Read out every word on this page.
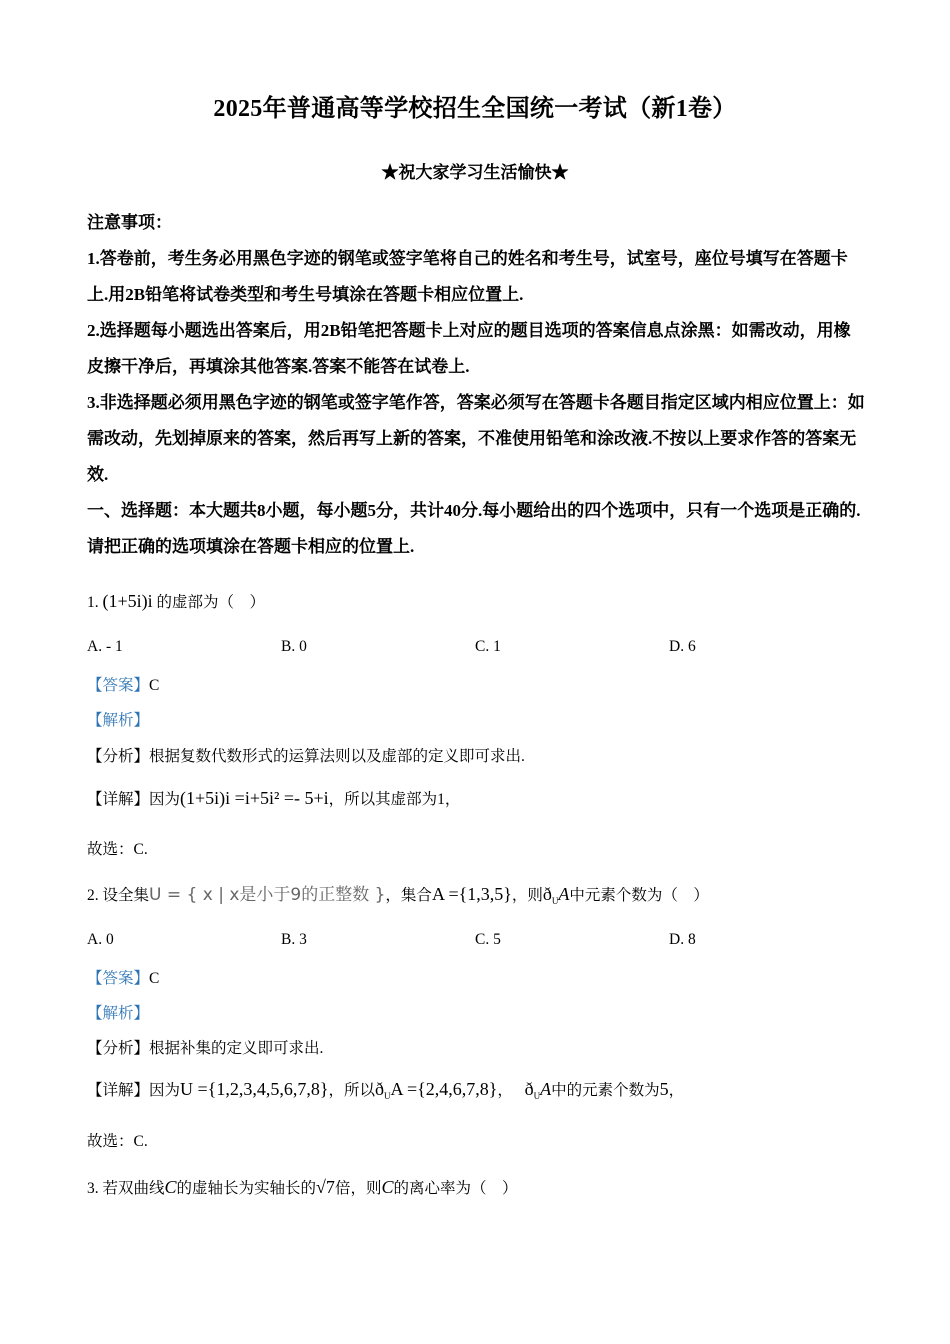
2025年普通高等学校招生全国统一考试（新1卷）
★祝大家学习生活愉快★

注意事项：

1.答卷前，考生务必用黑色字迹的钢笔或签字笔将自己的姓名和考生号，试室号，座位号填写在答题卡上.用2B铅笔将试卷类型和考生号填涂在答题卡相应位置上.

2.选择题每小题选出答案后，用2B铅笔把答题卡上对应的题目选项的答案信息点涂黑：如需改动，用橡皮擦干净后，再填涂其他答案.答案不能答在试卷上.

3.非选择题必须用黑色字迹的钢笔或签字笔作答，答案必须写在答题卡各题目指定区域内相应位置上：如需改动，先划掉原来的答案，然后再写上新的答案，不准使用铅笔和涂改液.不按以上要求作答的答案无效.

一、选择题：本大题共8小题，每小题5分，共计40分.每小题给出的四个选项中，只有一个选项是正确的.请把正确的选项填涂在答题卡相应的位置上.

1. (1+5i)i 的虚部为（　）
A. - 1	B. 0	C. 1	D. 6
【答案】C
【解析】
【分析】根据复数代数形式的运算法则以及虚部的定义即可求出.
【详解】因为(1+5i)i =i+5i² =- 5+i，所以其虚部为1，
故选：C.
2. 设全集U = { x | x是小于9的正整数 }，集合A ={1,3,5}，则$ð_UA$中元素个数为（　）
A. 0	B. 3	C. 5	D. 8
【答案】C
【解析】
【分析】根据补集的定义即可求出.
【详解】因为U ={1,2,3,4,5,6,7,8}，所以$ð_UA =\{2,4,6,7,8\}$， $ð_UA$中的元素个数为5，
故选：C.
3. 若双曲线C的虚轴长为实轴长的√7倍，则C的离心率为（　）
